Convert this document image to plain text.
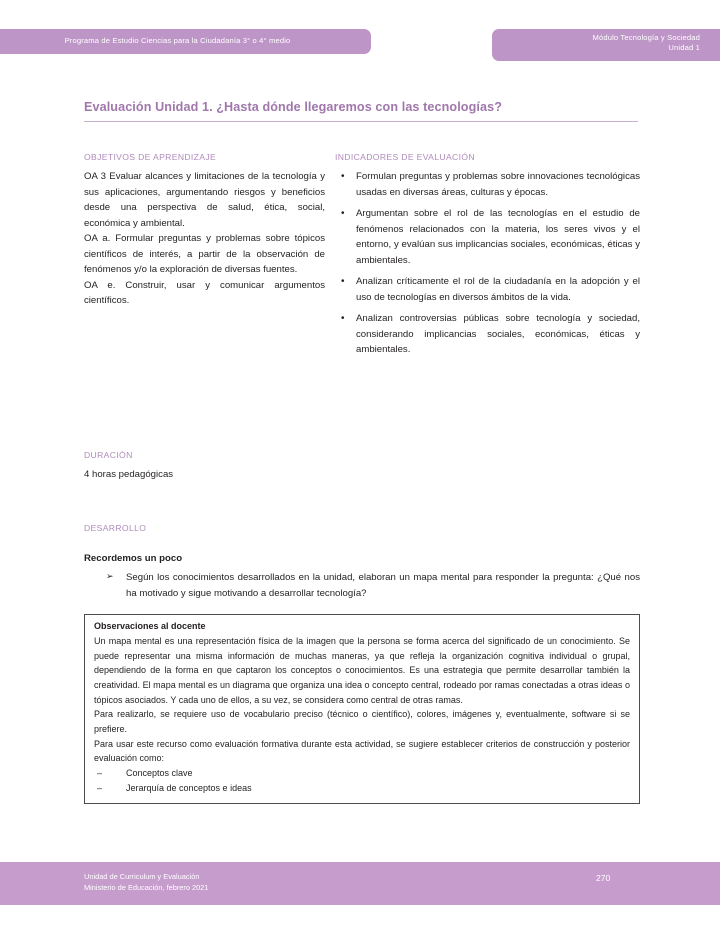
Programa de Estudio Ciencias para la Ciudadanía 3° o 4° medio	Módulo Tecnología y Sociedad
Unidad 1
Evaluación Unidad 1. ¿Hasta dónde llegaremos con las tecnologías?
OBJETIVOS DE APRENDIZAJE

OA 3 Evaluar alcances y limitaciones de la tecnología y sus aplicaciones, argumentando riesgos y beneficios desde una perspectiva de salud, ética, social, económica y ambiental.

OA a. Formular preguntas y problemas sobre tópicos científicos de interés, a partir de la observación de fenómenos y/o la exploración de diversas fuentes.

OA e. Construir, usar y comunicar argumentos científicos.

INDICADORES DE EVALUACIÓN
• Formulan preguntas y problemas sobre innovaciones tecnológicas usadas en diversas áreas, culturas y épocas.
• Argumentan sobre el rol de las tecnologías en el estudio de fenómenos relacionados con la materia, los seres vivos y el entorno, y evalúan sus implicancias sociales, económicas, éticas y ambientales.
• Analizan críticamente el rol de la ciudadanía en la adopción y el uso de tecnologías en diversos ámbitos de la vida.
• Analizan controversias públicas sobre tecnología y sociedad, considerando implicancias sociales, económicas, éticas y ambientales.
DURACIÓN
4 horas pedagógicas
DESARROLLO
Recordemos un poco
➢ Según los conocimientos desarrollados en la unidad, elaboran un mapa mental para responder la pregunta: ¿Qué nos ha motivado y sigue motivando a desarrollar tecnología?
Observaciones al docente

Un mapa mental es una representación física de la imagen que la persona se forma acerca del significado de un conocimiento. Se puede representar una misma información de muchas maneras, ya que refleja la organización cognitiva individual o grupal, dependiendo de la forma en que captaron los conceptos o conocimientos. Es una estrategia que permite desarrollar también la creatividad. El mapa mental es un diagrama que organiza una idea o concepto central, rodeado por ramas conectadas a otras ideas o tópicos asociados. Y cada uno de ellos, a su vez, se considera como central de otras ramas.

Para realizarlo, se requiere uso de vocabulario preciso (técnico o científico), colores, imágenes y, eventualmente, software si se prefiere.

Para usar este recurso como evaluación formativa durante esta actividad, se sugiere establecer criterios de construcción y posterior evaluación como:

–	Conceptos clave
–	Jerarquía de conceptos e ideas
Unidad de Curriculum y Evaluación
Ministerio de Educación, febrero 2021
270
